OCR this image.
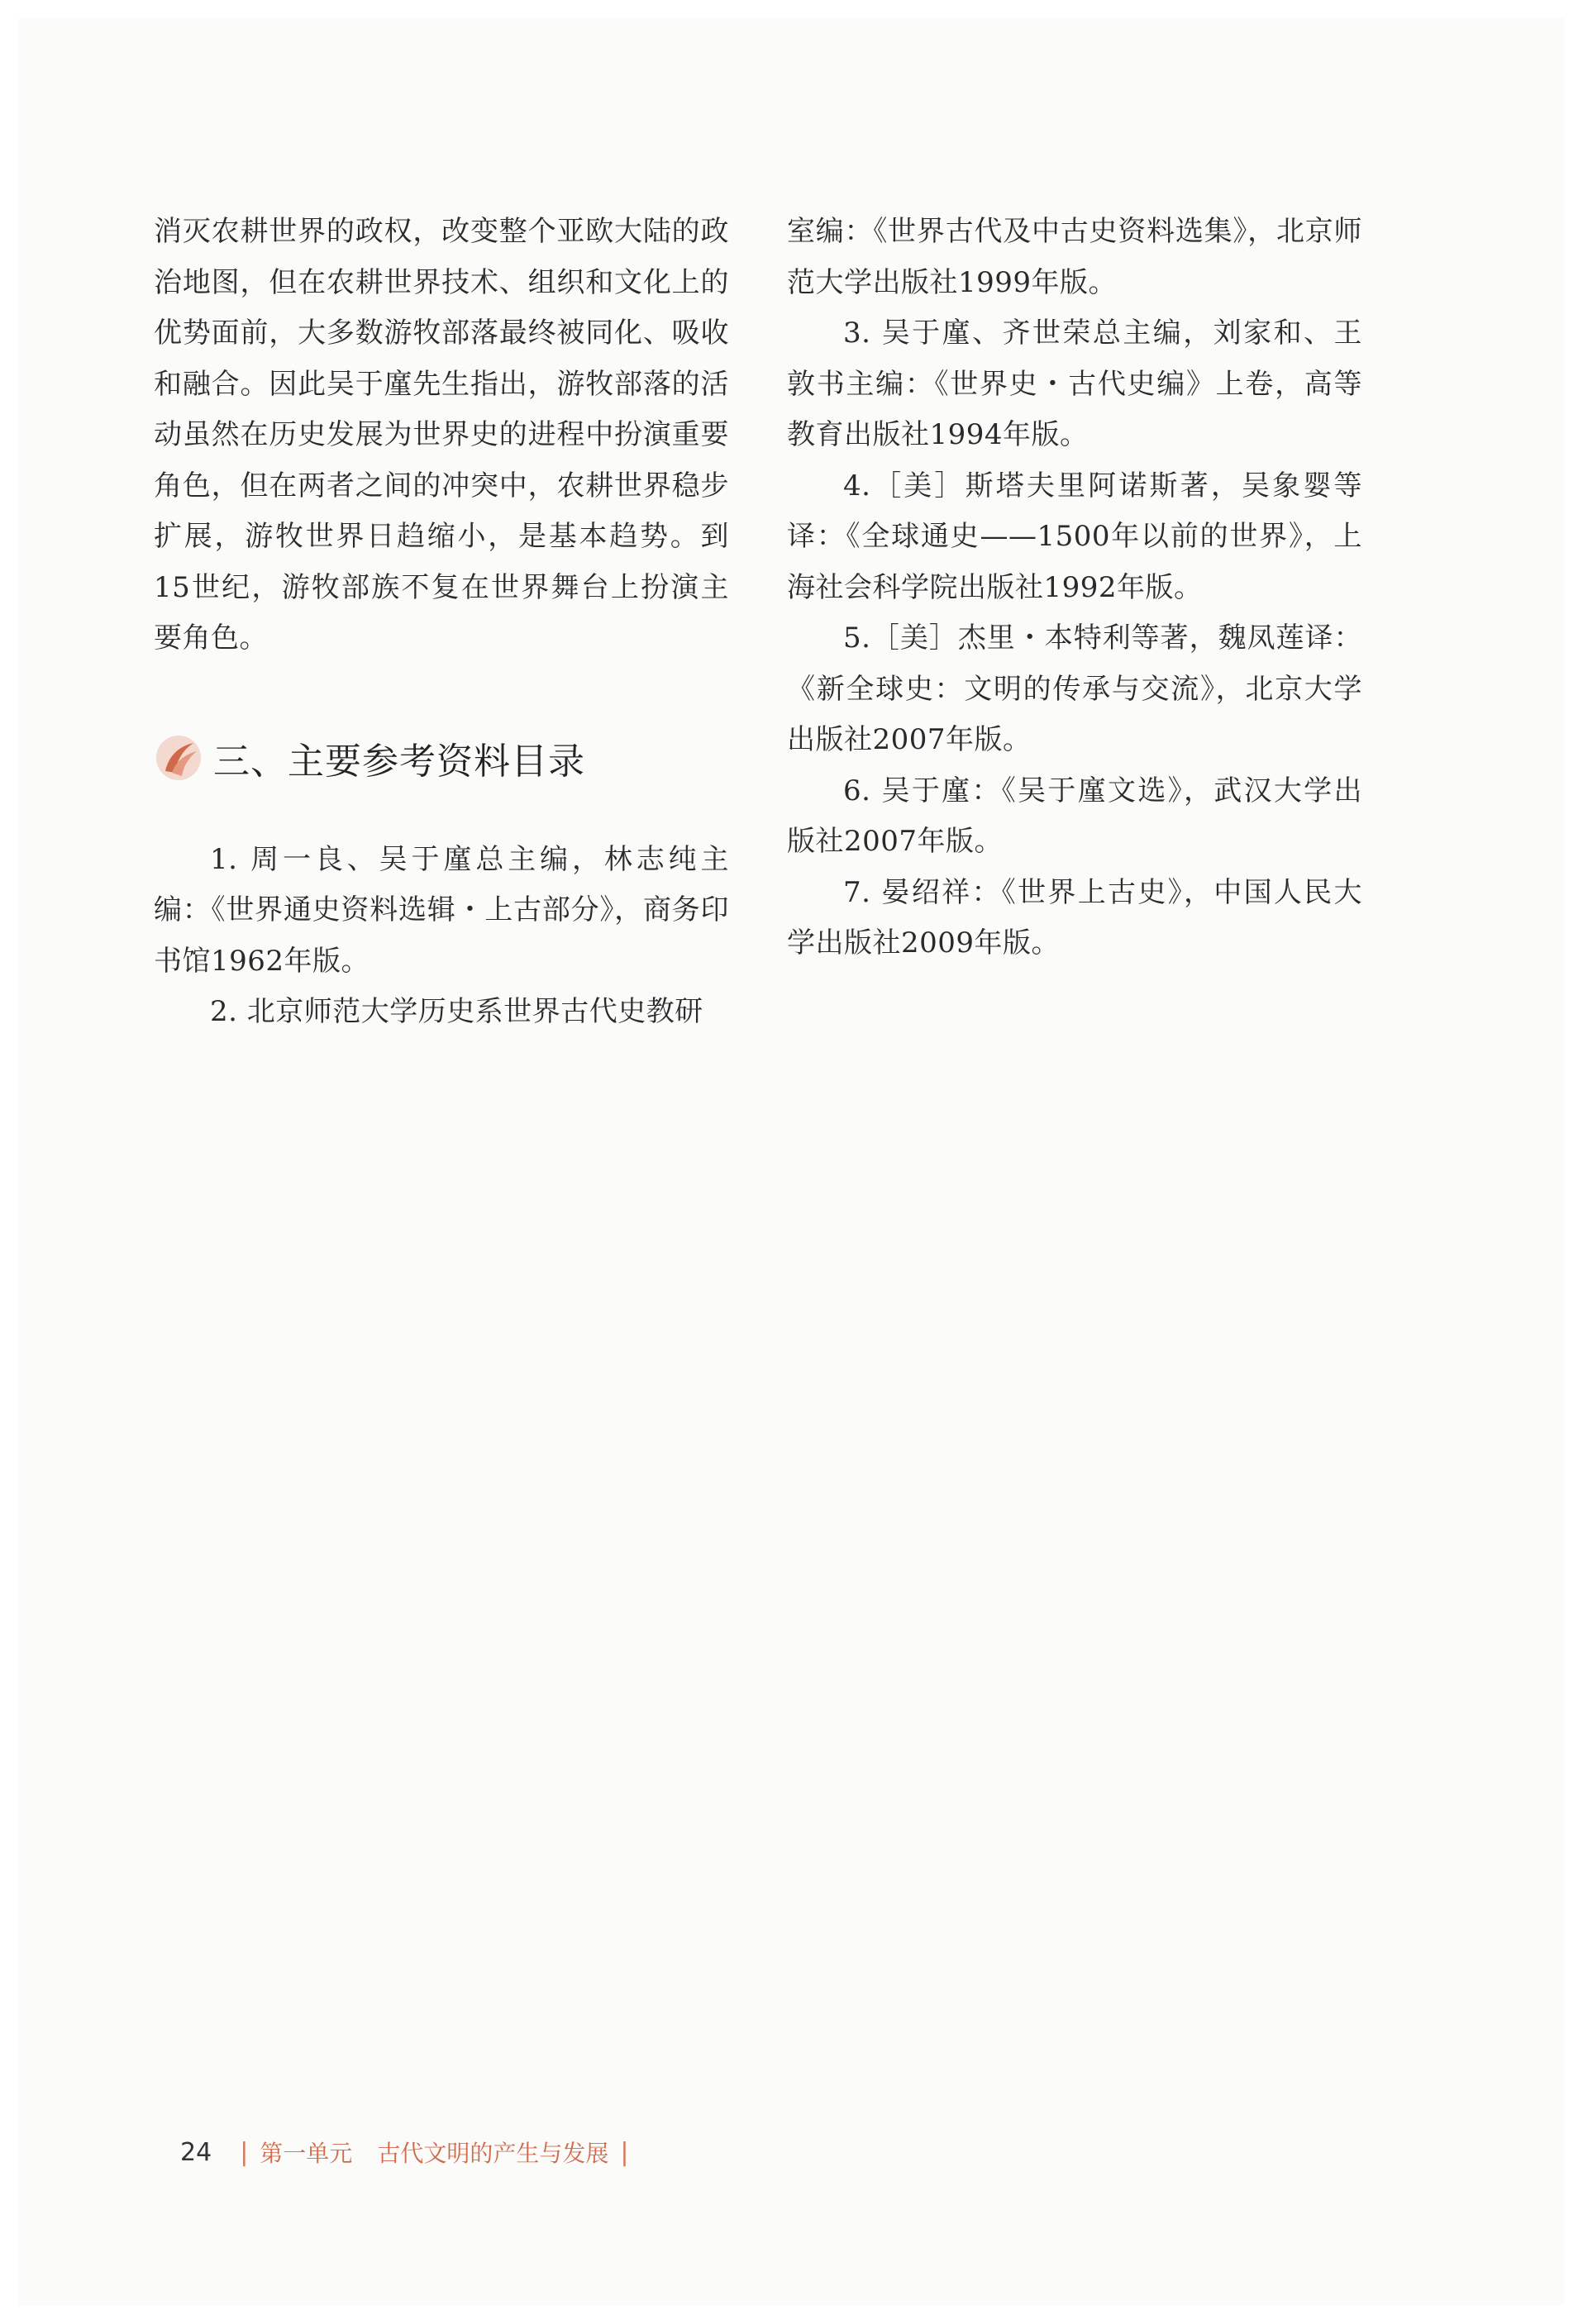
消灭农耕世界的政权，改变整个亚欧大陆的政治地图，但在农耕世界技术、组织和文化上的优势面前，大多数游牧部落最终被同化、吸收和融合。因此吴于廑先生指出，游牧部落的活动虽然在历史发展为世界史的进程中扮演重要角色，但在两者之间的冲突中，农耕世界稳步扩展，游牧世界日趋缩小，是基本趋势。到15世纪，游牧部族不复在世界舞台上扮演主要角色。

三、主要参考资料目录

1. 周一良、吴于廑总主编，林志纯主编：《世界通史资料选辑・上古部分》，商务印书馆1962年版。

2. 北京师范大学历史系世界古代史教研

室编：《世界古代及中古史资料选集》，北京师范大学出版社1999年版。

3. 吴于廑、齐世荣总主编，刘家和、王敦书主编：《世界史・古代史编》上卷，高等教育出版社1994年版。

4.［美］斯塔夫里阿诺斯著，吴象婴等译：《全球通史——1500年以前的世界》，上海社会科学院出版社1992年版。

5.［美］杰里・本特利等著，魏凤莲译：《新全球史：文明的传承与交流》，北京大学出版社2007年版。

6. 吴于廑：《吴于廑文选》，武汉大学出版社2007年版。

7. 晏绍祥：《世界上古史》，中国人民大学出版社2009年版。

24 | 第一单元 古代文明的产生与发展 |
